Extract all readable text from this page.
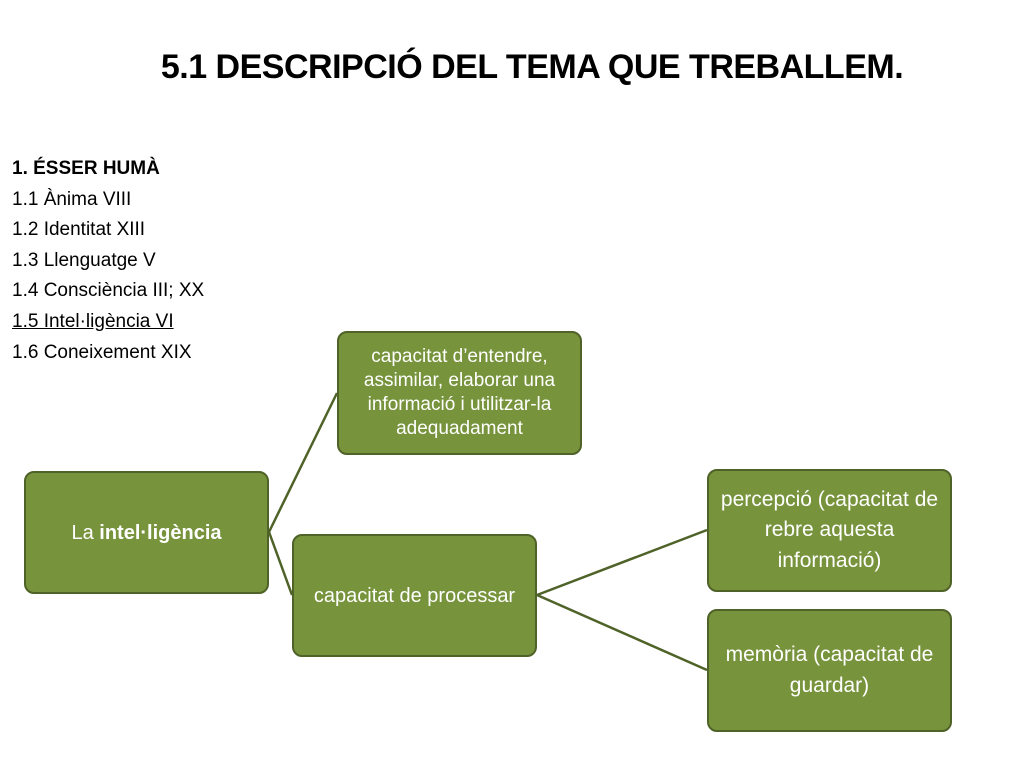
5.1 DESCRIPCIÓ DEL TEMA QUE TREBALLEM.
1. ÉSSER HUMÀ
1.1 Ànima VIII
1.2 Identitat XIII
1.3 Llenguatge V
1.4 Consciència III; XX
1.5 Intel·ligència VI
1.6 Coneixement XIX
La intel·ligència
capacitat d’entendre, assimilar, elaborar una informació i utilitzar-la adequadament
capacitat de processar
percepció (capacitat de rebre aquesta informació)
memòria (capacitat de guardar)
